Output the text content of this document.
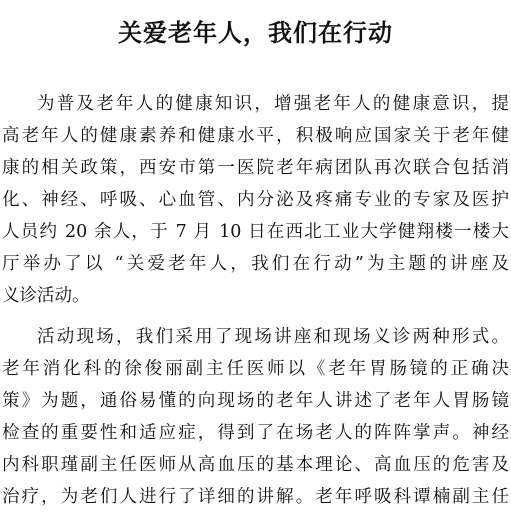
关爱老年人，我们在行动
为普及老年人的健康知识，增强老年人的健康意识，提
高老年人的健康素养和健康水平，积极响应国家关于老年健
康的相关政策，西安市第一医院老年病团队再次联合包括消
化、神经、呼吸、心血管、内分泌及疼痛专业的专家及医护
人员约 20 余人，于 7 月 10 日在西北工业大学健翔楼一楼大
厅举办了以 “关爱老年人，我们在行动”为主题的讲座及
义诊活动。
活动现场，我们采用了现场讲座和现场义诊两种形式。
老年消化科的徐俊丽副主任医师以《老年胃肠镜的正确决
策》为题，通俗易懂的向现场的老年人讲述了老年人胃肠镜
检查的重要性和适应症，得到了在场老人的阵阵掌声。神经
内科职瑾副主任医师从高血压的基本理论、高血压的危害及
治疗，为老们人进行了详细的讲解。老年呼吸科谭楠副主任
